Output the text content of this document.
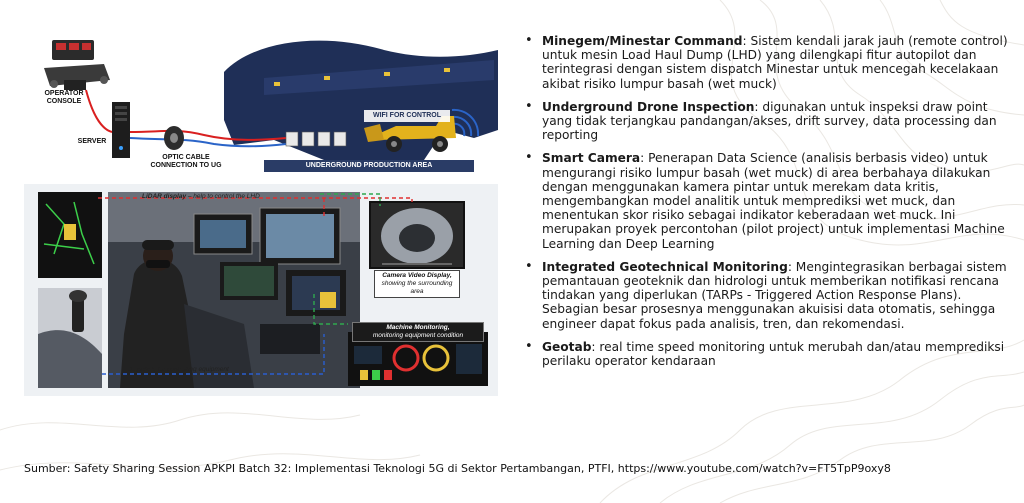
OPERATOR
CONSOLE
SERVER
OPTIC CABLE
CONNECTION TO UG
WIFI FOR CONTROL
UNDERGROUND PRODUCTION AREA
LiDAR display – help to control the LHD
Camera Video Display,
showing the surrounding area
Machine Monitoring,
monitoring equipment condition
Joystick, for controlling equipment
• Minegem/Minestar Command: Sistem kendali jarak jauh (remote control) untuk mesin Load Haul Dump (LHD) yang dilengkapi fitur autopilot dan terintegrasi dengan sistem dispatch Minestar untuk mencegah kecelakaan akibat risiko lumpur basah (wet muck)
• Underground Drone Inspection: digunakan untuk inspeksi draw point yang tidak terjangkau pandangan/akses, drift survey, data processing dan reporting
• Smart Camera: Penerapan Data Science (analisis berbasis video) untuk mengurangi risiko lumpur basah (wet muck) di area berbahaya dilakukan dengan menggunakan kamera pintar untuk merekam data kritis, mengembangkan model analitik untuk memprediksi wet muck, dan menentukan skor risiko sebagai indikator keberadaan wet muck. Ini merupakan proyek percontohan (pilot project) untuk implementasi Machine Learning dan Deep Learning
• Integrated Geotechnical Monitoring: Mengintegrasikan berbagai sistem pemantauan geoteknik dan hidrologi untuk memberikan notifikasi rencana tindakan yang diperlukan (TARPs - Triggered Action Response Plans). Sebagian besar prosesnya menggunakan akuisisi data otomatis, sehingga engineer dapat fokus pada analisis, tren, dan rekomendasi.
• Geotab: real time speed monitoring untuk merubah dan/atau memprediksi perilaku operator kendaraan
Sumber: Safety Sharing Session APKPI Batch 32: Implementasi Teknologi 5G di Sektor Pertambangan, PTFI, https://www.youtube.com/watch?v=FT5TpP9oxy8
